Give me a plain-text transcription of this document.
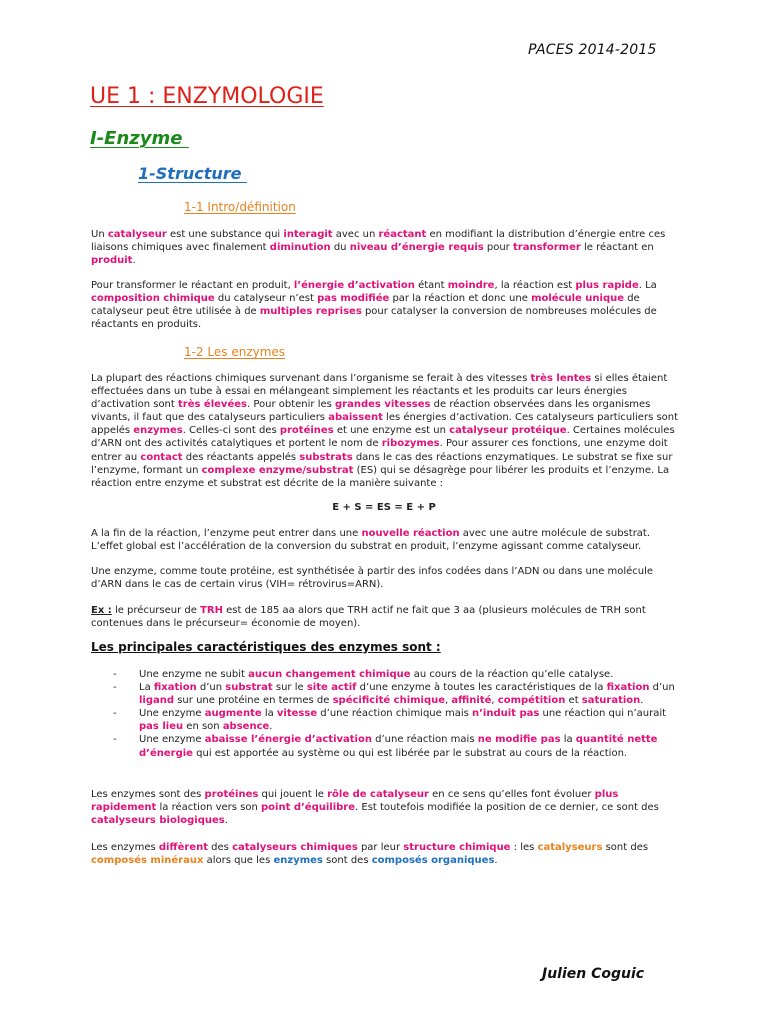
PACES 2014-2015
UE 1 : ENZYMOLOGIE
I-Enzyme
1-Structure
1-1 Intro/définition
Un catalyseur est une substance qui interagit avec un réactant en modifiant la distribution d’énergie entre ces liaisons chimiques avec finalement diminution du niveau d’énergie requis pour transformer le réactant en produit.
Pour transformer le réactant en produit, l’énergie d’activation étant moindre, la réaction est plus rapide. La composition chimique du catalyseur n’est pas modifiée par la réaction et donc une molécule unique de catalyseur peut être utilisée à de multiples reprises pour catalyser la conversion de nombreuses molécules de réactants en produits.
1-2 Les enzymes
La plupart des réactions chimiques survenant dans l’organisme se ferait à des vitesses très lentes si elles étaient effectuées dans un tube à essai en mélangeant simplement les réactants et les produits car leurs énergies d’activation sont très élevées. Pour obtenir les grandes vitesses de réaction observées dans les organismes vivants, il faut que des catalyseurs particuliers abaissent les énergies d’activation. Ces catalyseurs particuliers sont appelés enzymes. Celles-ci sont des protéines et une enzyme est un catalyseur protéique. Certaines molécules d’ARN ont des activités catalytiques et portent le nom de ribozymes. Pour assurer ces fonctions, une enzyme doit entrer au contact des réactants appelés substrats dans le cas des réactions enzymatiques. Le substrat se fixe sur l’enzyme, formant un complexe enzyme/substrat (ES) qui se désagrège pour libérer les produits et l’enzyme. La réaction entre enzyme et substrat est décrite de la manière suivante :
E + S = ES = E + P
A la fin de la réaction, l’enzyme peut entrer dans une nouvelle réaction avec une autre molécule de substrat. L’effet global est l’accélération de la conversion du substrat en produit, l’enzyme agissant comme catalyseur.
Une enzyme, comme toute protéine, est synthétisée à partir des infos codées dans l’ADN ou dans une molécule d’ARN dans le cas de certain virus (VIH= rétrovirus=ARN).
Ex : le précurseur de TRH est de 185 aa alors que TRH actif ne fait que 3 aa (plusieurs molécules de TRH sont contenues dans le précurseur= économie de moyen).
Les principales caractéristiques des enzymes sont :
- Une enzyme ne subit aucun changement chimique au cours de la réaction qu’elle catalyse.
- La fixation d’un substrat sur le site actif d’une enzyme à toutes les caractéristiques de la fixation d’un ligand sur une protéine en termes de spécificité chimique, affinité, compétition et saturation.
- Une enzyme augmente la vitesse d’une réaction chimique mais n’induit pas une réaction qui n’aurait pas lieu en son absence.
- Une enzyme abaisse l’énergie d’activation d’une réaction mais ne modifie pas la quantité nette d’énergie qui est apportée au système ou qui est libérée par le substrat au cours de la réaction.
Les enzymes sont des protéines qui jouent le rôle de catalyseur en ce sens qu’elles font évoluer plus rapidement la réaction vers son point d’équilibre. Est toutefois modifiée la position de ce dernier, ce sont des catalyseurs biologiques.
Les enzymes diffèrent des catalyseurs chimiques par leur structure chimique : les catalyseurs sont des composés minéraux alors que les enzymes sont des composés organiques.
Julien Coguic
